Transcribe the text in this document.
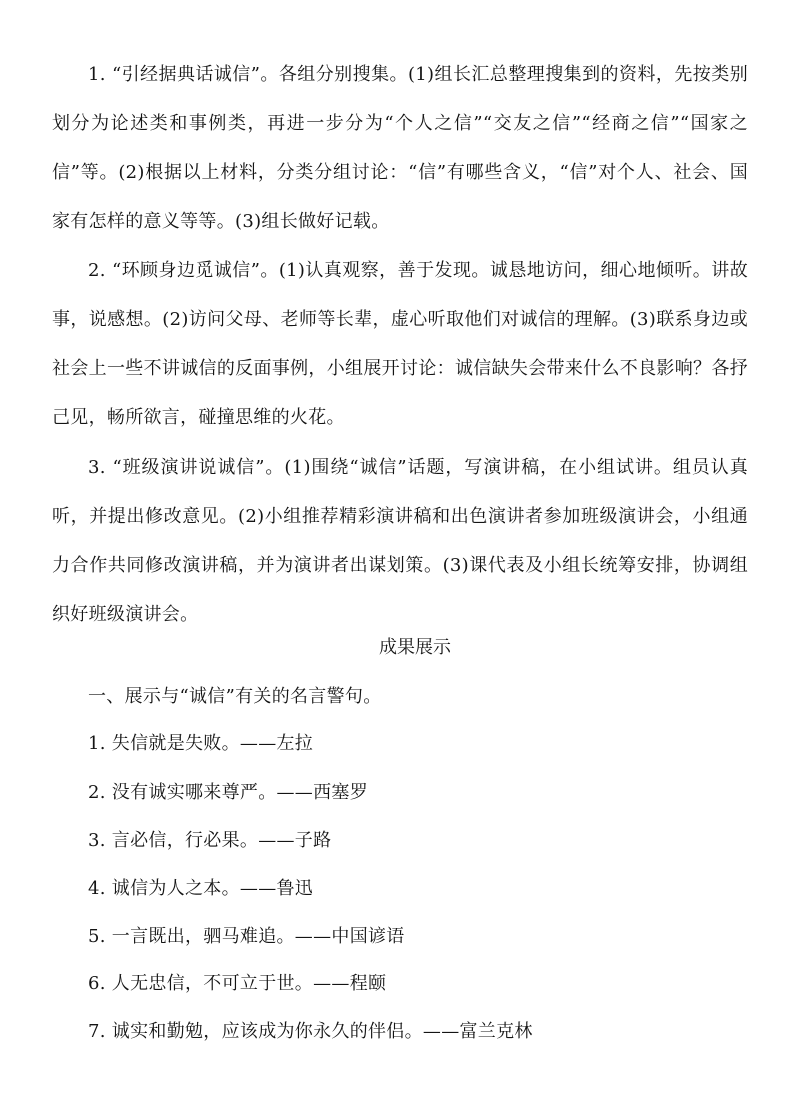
1. “引经据典话诚信”。各组分别搜集。(1)组长汇总整理搜集到的资料，先按类别划分为论述类和事例类，再进一步分为“个人之信”“交友之信”“经商之信”“国家之信”等。(2)根据以上材料，分类分组讨论：“信”有哪些含义，“信”对个人、社会、国家有怎样的意义等等。(3)组长做好记载。

2. “环顾身边觅诚信”。(1)认真观察，善于发现。诚恳地访问，细心地倾听。讲故事，说感想。(2)访问父母、老师等长辈，虚心听取他们对诚信的理解。(3)联系身边或社会上一些不讲诚信的反面事例，小组展开讨论：诚信缺失会带来什么不良影响？各抒己见，畅所欲言，碰撞思维的火花。

3. “班级演讲说诚信”。(1)围绕“诚信”话题，写演讲稿，在小组试讲。组员认真听，并提出修改意见。(2)小组推荐精彩演讲稿和出色演讲者参加班级演讲会，小组通力合作共同修改演讲稿，并为演讲者出谋划策。(3)课代表及小组长统筹安排，协调组织好班级演讲会。

成果展示

一、展示与“诚信”有关的名言警句。

1. 失信就是失败。——左拉

2. 没有诚实哪来尊严。——西塞罗

3. 言必信，行必果。——子路

4. 诚信为人之本。——鲁迅

5. 一言既出，驷马难追。——中国谚语

6. 人无忠信，不可立于世。——程颐

7. 诚实和勤勉，应该成为你永久的伴侣。——富兰克林
